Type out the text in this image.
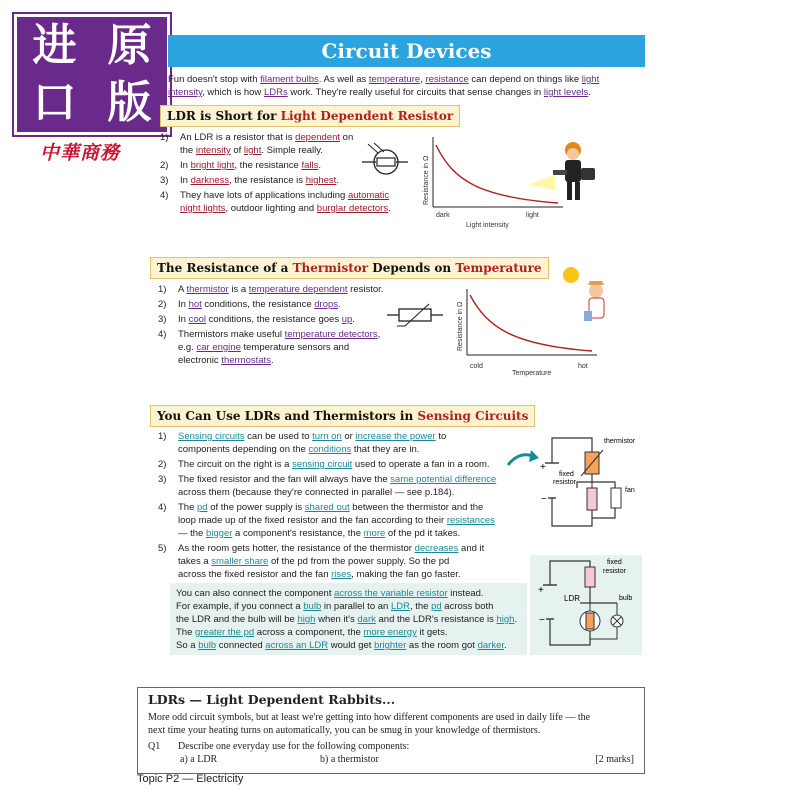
进 原
口 版
中華商務
Circuit Devices
Fun doesn't stop with filament bulbs. As well as temperature, resistance can depend on things like light
intensity, which is how LDRs work. They're really useful for circuits that sense changes in light levels.
LDR is Short for Light Dependent Resistor
1) An LDR is a resistor that is dependent on
the intensity of light. Simple really.
2) In bright light, the resistance falls.
3) In darkness, the resistance is highest.
4) They have lots of applications including automatic
night lights, outdoor lighting and burglar detectors.
Resistance in Ω
dark	light
Light intensity
The Resistance of a Thermistor Depends on Temperature
1) A thermistor is a temperature dependent resistor.
2) In hot conditions, the resistance drops.
3) In cool conditions, the resistance goes up.
4) Thermistors make useful temperature detectors,
e.g. car engine temperature sensors and
electronic thermostats.
Resistance in Ω
cold	hot
Temperature
You Can Use LDRs and Thermistors in Sensing Circuits
1) Sensing circuits can be used to turn on or increase the power to
components depending on the conditions that they are in.
2) The circuit on the right is a sensing circuit used to operate a fan in a room.
3) The fixed resistor and the fan will always have the same potential difference
across them (because they're connected in parallel — see p.184).
4) The pd of the power supply is shared out between the thermistor and the
loop made up of the fixed resistor and the fan according to their resistances
— the bigger a component's resistance, the more of the pd it takes.
5) As the room gets hotter, the resistance of the thermistor decreases and it
takes a smaller share of the pd from the power supply. So the pd
across the fixed resistor and the fan rises, making the fan go faster.
+
−
thermistor
fixed
resistor
fan
You can also connect the component across the variable resistor instead.
For example, if you connect a bulb in parallel to an LDR, the pd across both
the LDR and the bulb will be high when it's dark and the LDR's resistance is high.
The greater the pd across a component, the more energy it gets.
So a bulb connected across an LDR would get brighter as the room got darker.
+
−
fixed
resistor
LDR	bulb
LDRs — Light Dependent Rabbits...
More odd circuit symbols, but at least we're getting into how different components are used in daily life — the
next time your heating turns on automatically, you can be smug in your knowledge of thermistors.
Q1	Describe one everyday use for the following components:
a) a LDR	b) a thermistor	[2 marks]
Topic P2 — Electricity
